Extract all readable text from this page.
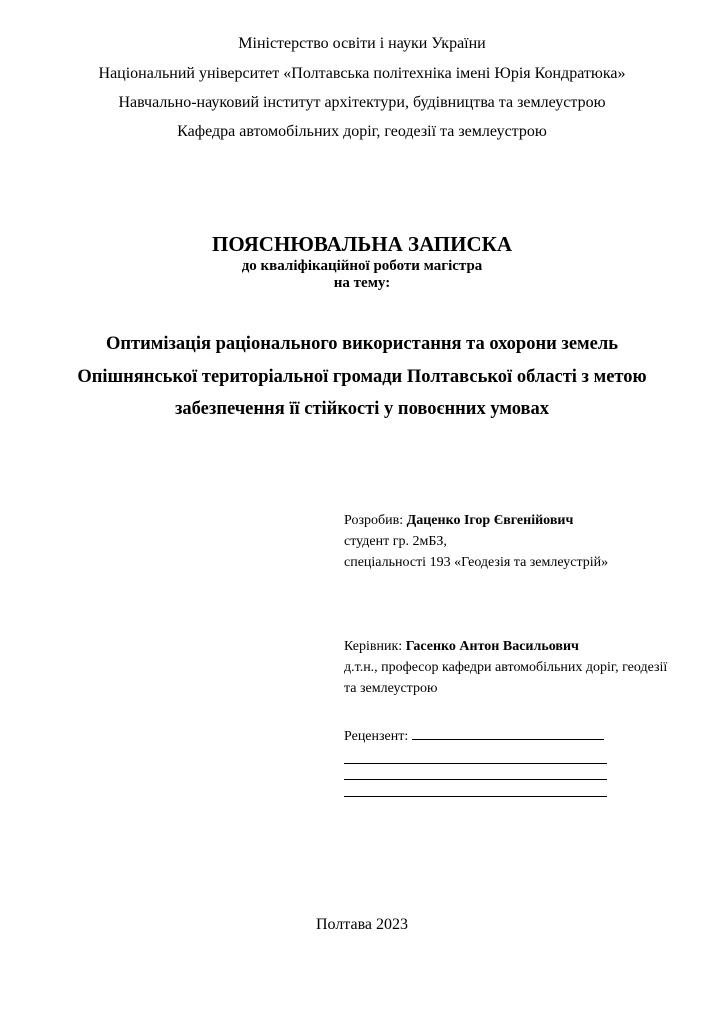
Міністерство освіти і науки України
Національний університет «Полтавська політехніка імені Юрія Кондратюка»
Навчально-науковий інститут архітектури, будівництва та землеустрою
Кафедра автомобільних доріг, геодезії та землеустрою
ПОЯСНЮВАЛЬНА ЗАПИСКА
до кваліфікаційної роботи магістра
на тему:
Оптимізація раціонального використання та охорони земель
Опішнянської територіальної громади Полтавської області з метою
забезпечення її стійкості у повоєнних умовах
Розробив: Даценко Ігор Євгенійович
студент гр. 2мБЗ,
спеціальності 193 «Геодезія та землеустрій»
Керівник: Гасенко Антон Васильович
д.т.н., професор кафедри автомобільних доріг, геодезії
та землеустрою
Рецензент:
Полтава 2023
